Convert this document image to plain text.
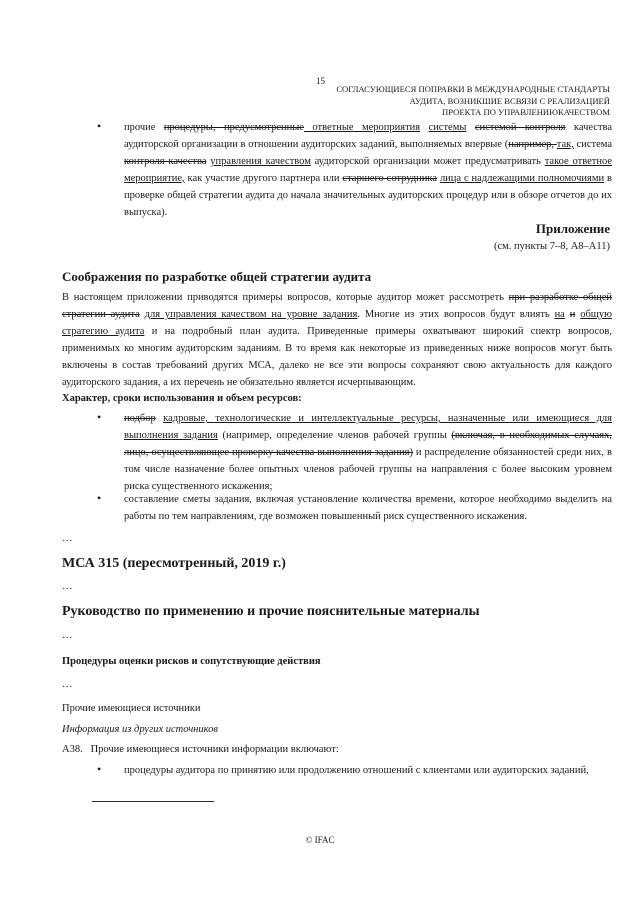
15
СОГЛАСУЮЩИЕСЯ ПОПРАВКИ В МЕЖДУНАРОДНЫЕ СТАНДАРТЫ
АУДИТА, ВОЗНИКШИЕ ВСВЯЗИ С РЕАЛИЗАЦИЕЙ
ПРОЕКТА ПО УПРАВЛЕНИЮКАЧЕСТВОМ
•	прочие процедуры, предусмотренные ответные мероприятия системы системой контроля качества аудиторской организации в отношении аудиторских заданий, выполняемых впервые (например, так, система контроля качества управления качеством аудиторской организации может предусматривать такое ответное мероприятие, как участие другого партнера или старшего сотрудника лица с надлежащими полномочиями в проверке общей стратегии аудита до начала значительных аудиторских процедур или в обзоре отчетов до их выпуска).
Приложение
(см. пункты 7–8, A8–A11)
Соображения по разработке общей стратегии аудита
В настоящем приложении приводятся примеры вопросов, которые аудитор может рассмотреть при разработке общей стратегии аудита для управления качеством на уровне задания. Многие из этих вопросов будут влиять на и общую стратегию аудита и на подробный план аудита. Приведенные примеры охватывают широкий спектр вопросов, применимых ко многим аудиторским заданиям. В то время как некоторые из приведенных ниже вопросов могут быть включены в состав требований других МСА, далеко не все эти вопросы сохраняют свою актуальность для каждого аудиторского задания, а их перечень не обязательно является исчерпывающим.
Характер, сроки использования и объем ресурсов:
•	подбор кадровые, технологические и интеллектуальные ресурсы, назначенные или имеющиеся для выполнения задания (например, определение членов рабочей группы (включая, в необходимых случаях, лицо, осуществляющее проверку качества выполнения задания) и распределение обязанностей среди них, в том числе назначение более опытных членов рабочей группы на направления с более высоким уровнем риска существенного искажения;
•	составление сметы задания, включая установление количества времени, которое необходимо выделить на работы по тем направлениям, где возможен повышенный риск существенного искажения.
…
МСА 315 (пересмотренный, 2019 г.)
…
Руководство по применению и прочие пояснительные материалы
…
Процедуры оценки рисков и сопутствующие действия
…
Прочие имеющиеся источники
Информация из других источников
A38. Прочие имеющиеся источники информации включают:
•	процедуры аудитора по принятию или продолжению отношений с клиентами или аудиторских заданий,
© IFAC
